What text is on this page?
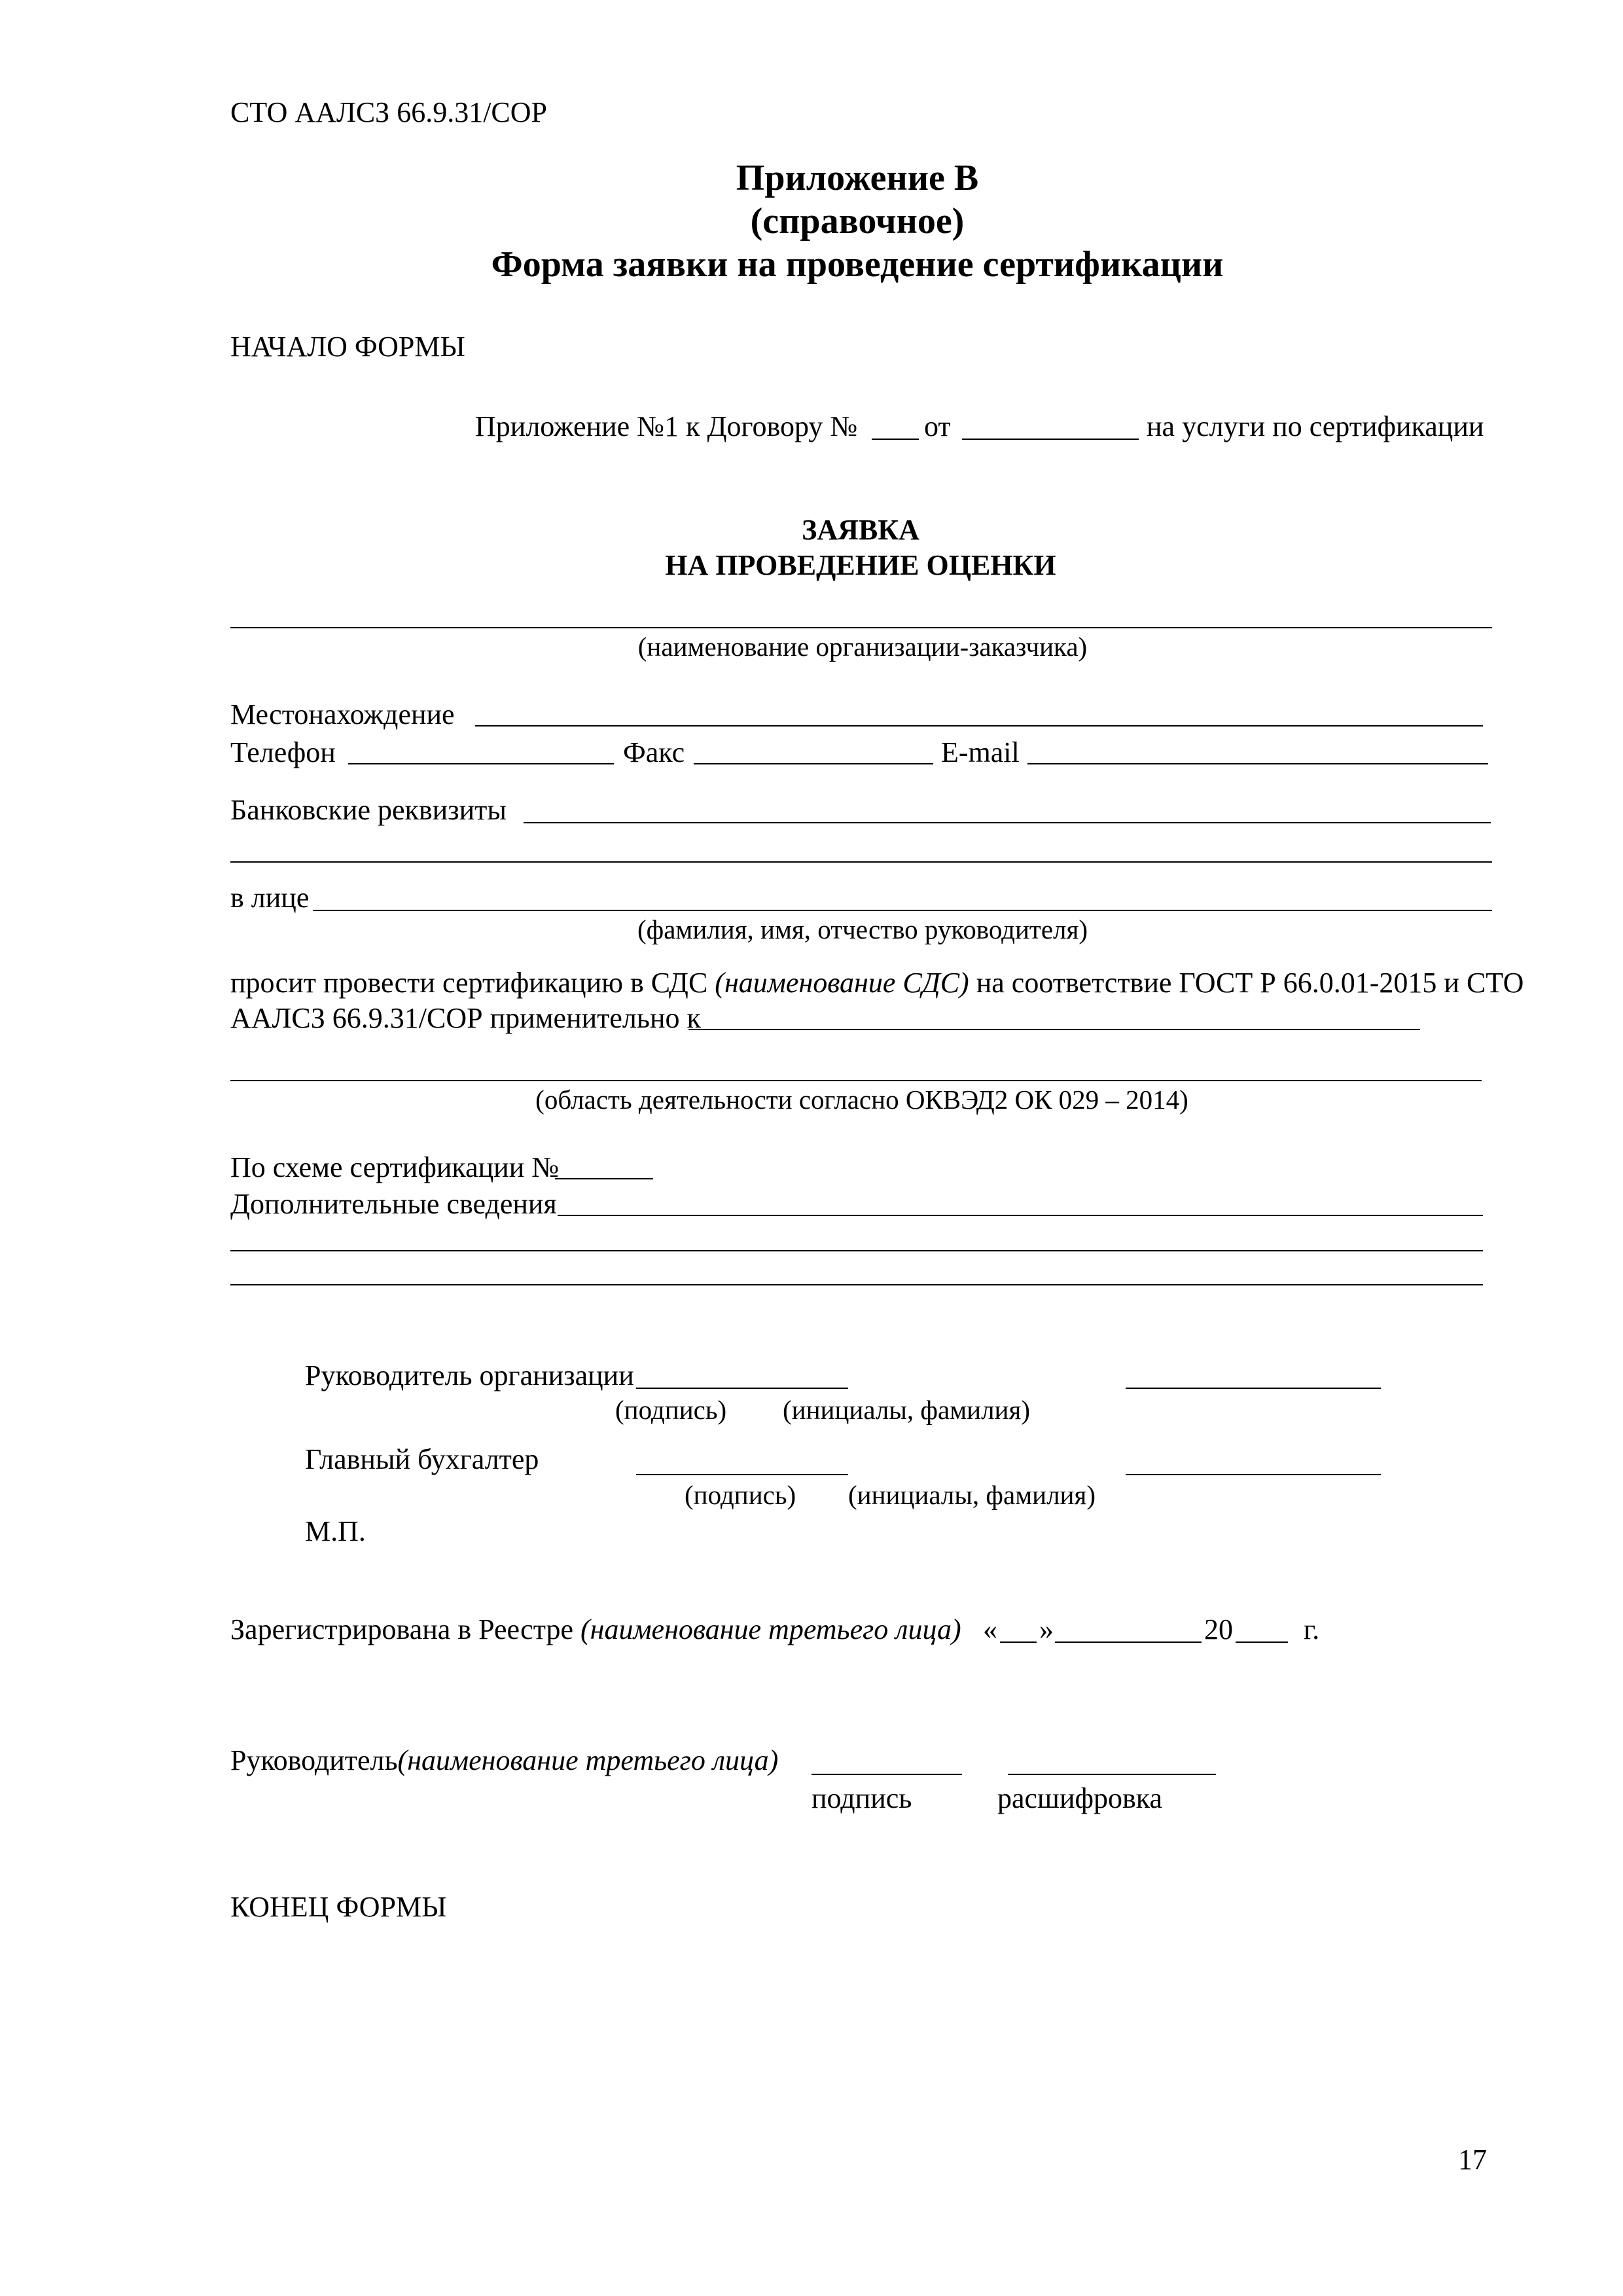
СТО ААЛСЗ 66.9.31/СОР
Приложение В
(справочное)
Форма заявки на проведение сертификации
НАЧАЛО ФОРМЫ
Приложение №1 к Договору № от	на услуги по сертификации
ЗАЯВКА
НА ПРОВЕДЕНИЕ ОЦЕНКИ
(наименование организации-заказчика)
Местонахождение
Телефон	Факс	E-mail
Банковские реквизиты
в лице
(фамилия, имя, отчество руководителя)
просит провести сертификацию в СДС (наименование СДС) на соответствие ГОСТ Р 66.0.01-2015 и СТО
ААЛСЗ 66.9.31/СОР применительно к
(область деятельности согласно ОКВЭД2 ОК 029 – 2014)
По схеме сертификации №
Дополнительные сведения
Руководитель организации
(подпись) (инициалы, фамилия)
Главный бухгалтер
(подпись) (инициалы, фамилия)
М.П.
Зарегистрирована в Реестре (наименование третьего лица) « »	20 г.
Руководитель(наименование третьего лица)
подпись	расшифровка
КОНЕЦ ФОРМЫ
17
